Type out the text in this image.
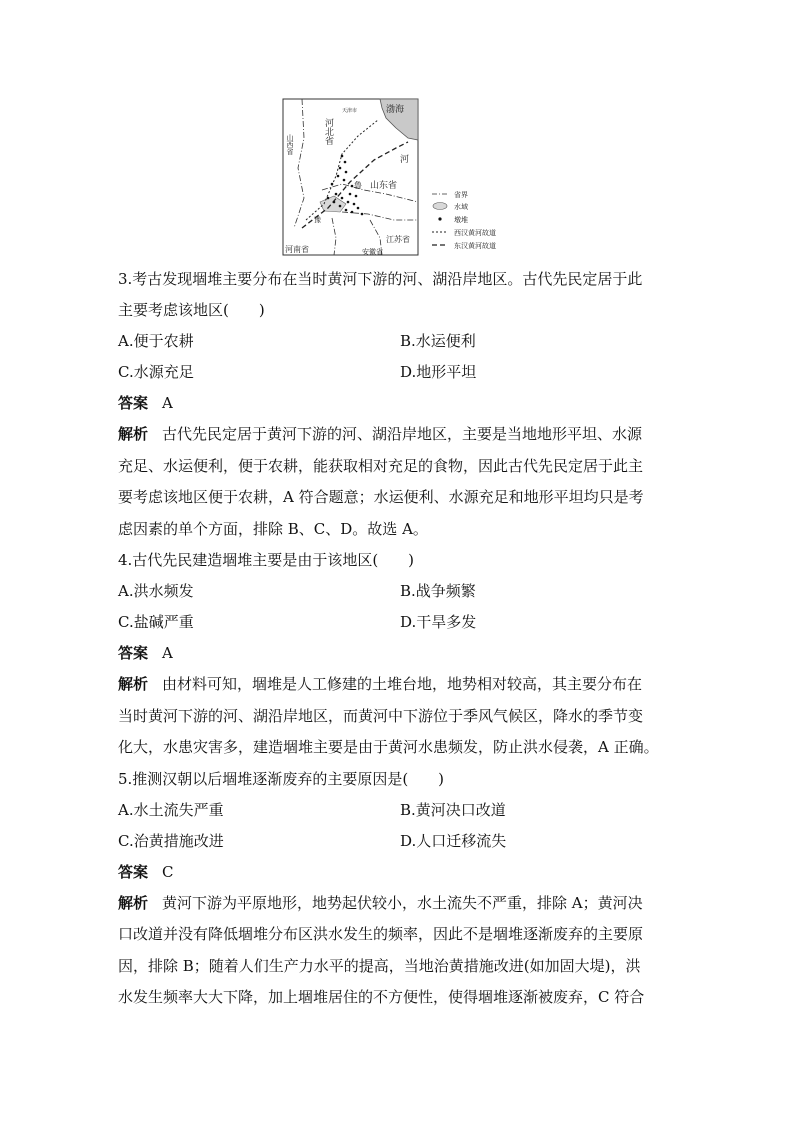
渤海
天津市
山西省	河北省
河
鲁 山东省
豫
河南省
江苏省
安徽省
省界
水域
墩堆
西汉黄河故道
东汉黄河故道
3.考古发现堌堆主要分布在当时黄河下游的河、湖沿岸地区。古代先民定居于此
主要考虑该地区(　　)
A.便于农耕	B.水运便利
C.水源充足	D.地形平坦
答案 A
解析 古代先民定居于黄河下游的河、湖沿岸地区，主要是当地地形平坦、水源
充足、水运便利，便于农耕，能获取相对充足的食物，因此古代先民定居于此主
要考虑该地区便于农耕，A 符合题意；水运便利、水源充足和地形平坦均只是考
虑因素的单个方面，排除 B、C、D。故选 A。
4.古代先民建造堌堆主要是由于该地区(　　)
A.洪水频发	B.战争频繁
C.盐碱严重	D.干旱多发
答案 A
解析 由材料可知，堌堆是人工修建的土堆台地，地势相对较高，其主要分布在
当时黄河下游的河、湖沿岸地区，而黄河中下游位于季风气候区，降水的季节变
化大，水患灾害多，建造堌堆主要是由于黄河水患频发，防止洪水侵袭，A 正确。
5.推测汉朝以后堌堆逐渐废弃的主要原因是(　　)
A.水土流失严重	B.黄河决口改道
C.治黄措施改进	D.人口迁移流失
答案 C
解析 黄河下游为平原地形，地势起伏较小，水土流失不严重，排除 A；黄河决
口改道并没有降低堌堆分布区洪水发生的频率，因此不是堌堆逐渐废弃的主要原
因，排除 B；随着人们生产力水平的提高，当地治黄措施改进(如加固大堤)，洪
水发生频率大大下降，加上堌堆居住的不方便性，使得堌堆逐渐被废弃，C 符合
